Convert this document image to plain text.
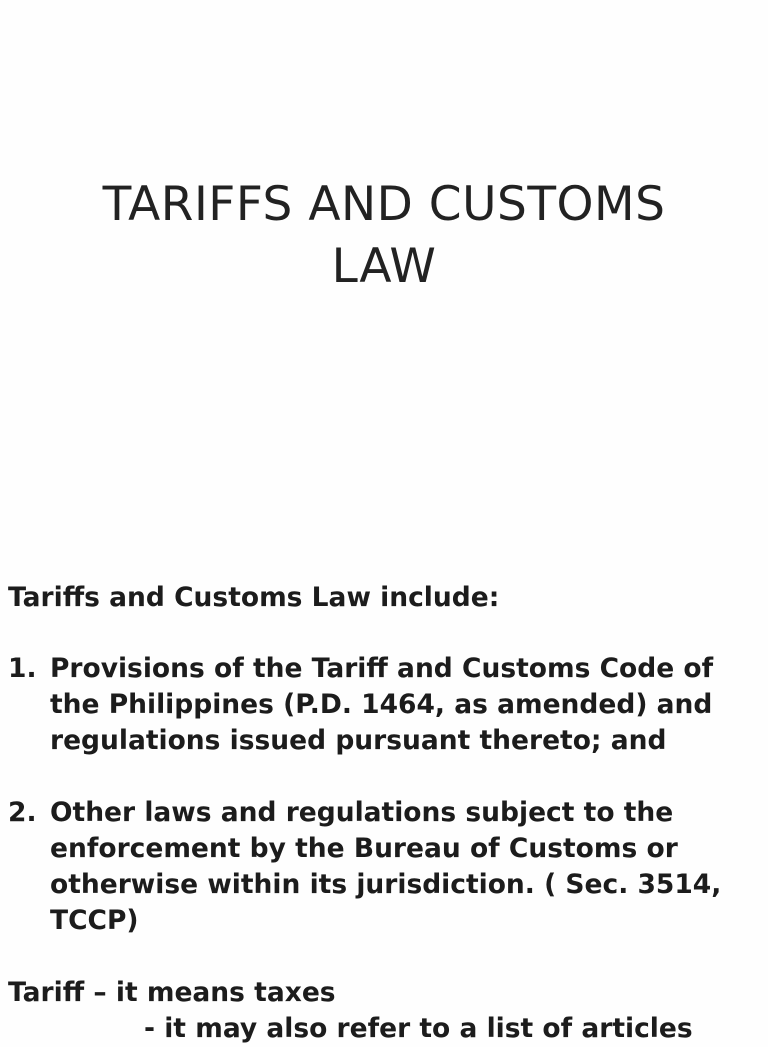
TARIFFS AND CUSTOMS
LAW
Tariffs and Customs Law include:
1. Provisions of the Tariff and Customs Code of
the Philippines (P.D. 1464, as amended) and
regulations issued pursuant thereto; and
2. Other laws and regulations subject to the
enforcement by the Bureau of Customs or
otherwise within its jurisdiction. ( Sec. 3514,
TCCP)
Tariff – it means taxes
- it may also refer to a list of articles
